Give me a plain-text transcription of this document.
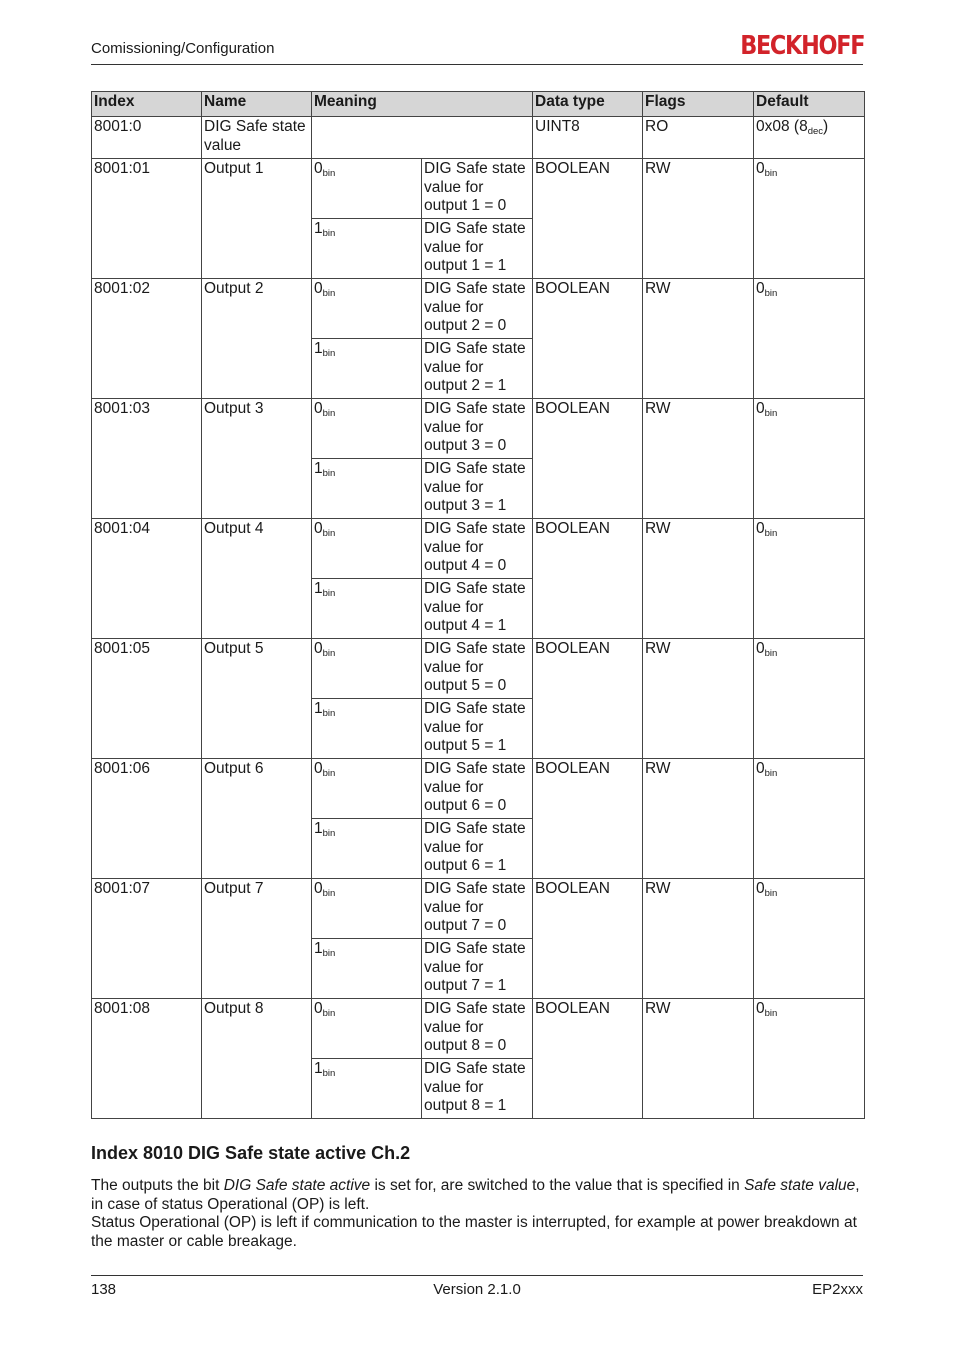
Comissioning/Configuration	BECKHOFF
Index	Name	Meaning		Data type	Flags	Default
8001:0	DIG Safe state value			UINT8	RO	0x08 $(8_{dec})$
8001:01	Output 1	$0_{bin}$	DIG Safe state value for output 1 = 0	BOOLEAN	RW	$0_{bin}$
		$1_{bin}$	DIG Safe state value for output 1 = 1			
8001:02	Output 2	$0_{bin}$	DIG Safe state value for output 2 = 0	BOOLEAN	RW	$0_{bin}$
		$1_{bin}$	DIG Safe state value for output 2 = 1			
8001:03	Output 3	$0_{bin}$	DIG Safe state value for output 3 = 0	BOOLEAN	RW	$0_{bin}$
		$1_{bin}$	DIG Safe state value for output 3 = 1			
8001:04	Output 4	$0_{bin}$	DIG Safe state value for output 4 = 0	BOOLEAN	RW	$0_{bin}$
		$1_{bin}$	DIG Safe state value for output 4 = 1			
8001:05	Output 5	$0_{bin}$	DIG Safe state value for output 5 = 0	BOOLEAN	RW	$0_{bin}$
		$1_{bin}$	DIG Safe state value for output 5 = 1			
8001:06	Output 6	$0_{bin}$	DIG Safe state value for output 6 = 0	BOOLEAN	RW	$0_{bin}$
		$1_{bin}$	DIG Safe state value for output 6 = 1			
8001:07	Output 7	$0_{bin}$	DIG Safe state value for output 7 = 0	BOOLEAN	RW	$0_{bin}$
		$1_{bin}$	DIG Safe state value for output 7 = 1			
8001:08	Output 8	$0_{bin}$	DIG Safe state value for output 8 = 0	BOOLEAN	RW	$0_{bin}$
		$1_{bin}$	DIG Safe state value for output 8 = 1			
Index 8010 DIG Safe state active Ch.2
The outputs the bit DIG Safe state active is set for, are switched to the value that is specified in Safe state value, in case of status Operational (OP) is left.
Status Operational (OP) is left if communication to the master is interrupted, for example at power breakdown at the master or cable breakage.
138	Version 2.1.0	EP2xxx
